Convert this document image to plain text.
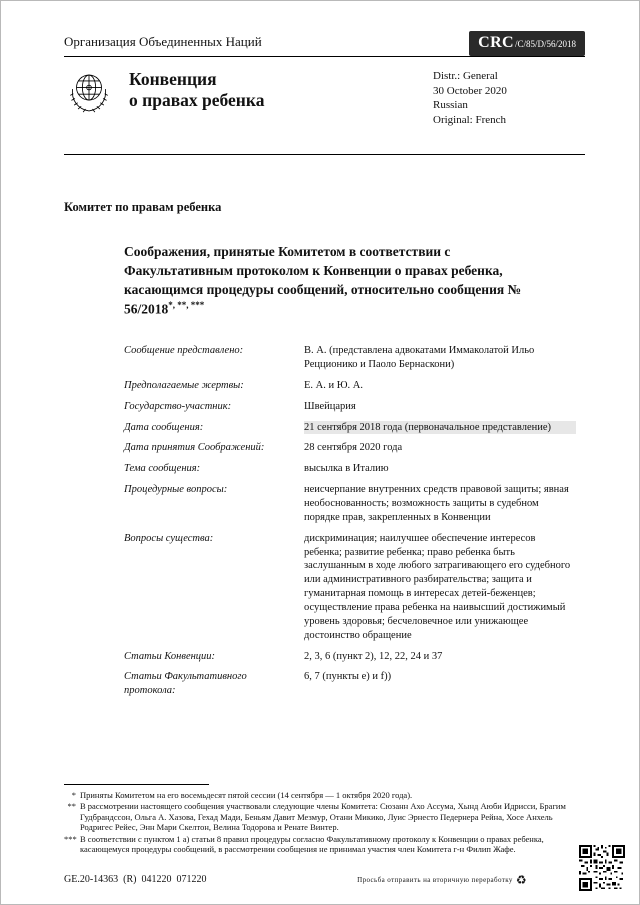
Организация Объединенных Наций	CRC /C/85/D/56/2018
Конвенция
о правах ребенка
Distr.: General
30 October 2020
Russian
Original: French
Комитет по правам ребенка
Соображения, принятые Комитетом в соответствии с Факультативным протоколом к Конвенции о правах ребенка, касающимся процедуры сообщений, относительно сообщения № 56/2018*, **, ***
Сообщение представлено:	В. А. (представлена адвокатами Иммаколатой Ильо Рецционико и Паоло Бернаскони)
Предполагаемые жертвы:	Е. А. и Ю. А.
Государство-участник:	Швейцария
Дата сообщения:	21 сентября 2018 года (первоначальное представление)
Дата принятия Соображений:	28 сентября 2020 года
Тема сообщения:	высылка в Италию
Процедурные вопросы:	неисчерпание внутренних средств правовой защиты; явная необоснованность; возможность защиты в судебном порядке прав, закрепленных в Конвенции
Вопросы существа:	дискриминация; наилучшее обеспечение интересов ребенка; развитие ребенка; право ребенка быть заслушанным в ходе любого затрагивающего его судебного или административного разбирательства; защита и гуманитарная помощь в интересах детей-беженцев; осуществление права ребенка на наивысший достижимый уровень здоровья; бесчеловечное или унижающее достоинство обращение
Статьи Конвенции:	2, 3, 6 (пункт 2), 12, 22, 24 и 37
Статьи Факультативного протокола:
6, 7 (пункты e) и f))
* Приняты Комитетом на его восемьдесят пятой сессии (14 сентября — 1 октября 2020 года).
** В рассмотрении настоящего сообщения участвовали следующие члены Комитета: Сюзанн Ахо Ассума, Хынд Аюби Идрисси, Брагим Гудбрандссон, Ольга А. Хазова, Гехад Мади, Беньям Давит Мезмур, Отани Микико, Луис Эрнесто Педернера Рейна, Хосе Анхель Родригес Рейес, Энн Мари Скелтон, Велина Тодорова и Ренате Винтер.
*** В соответствии с пунктом 1 a) статьи 8 правил процедуры согласно Факультативному протоколу к Конвенции о правах ребенка, касающемуся процедуры сообщений, в рассмотрении сообщения не принимал участия член Комитета г-н Филип Жафе.
GE.20-14363  (R)  041220  071220	Просьба отправить на вторичную переработку ♻
